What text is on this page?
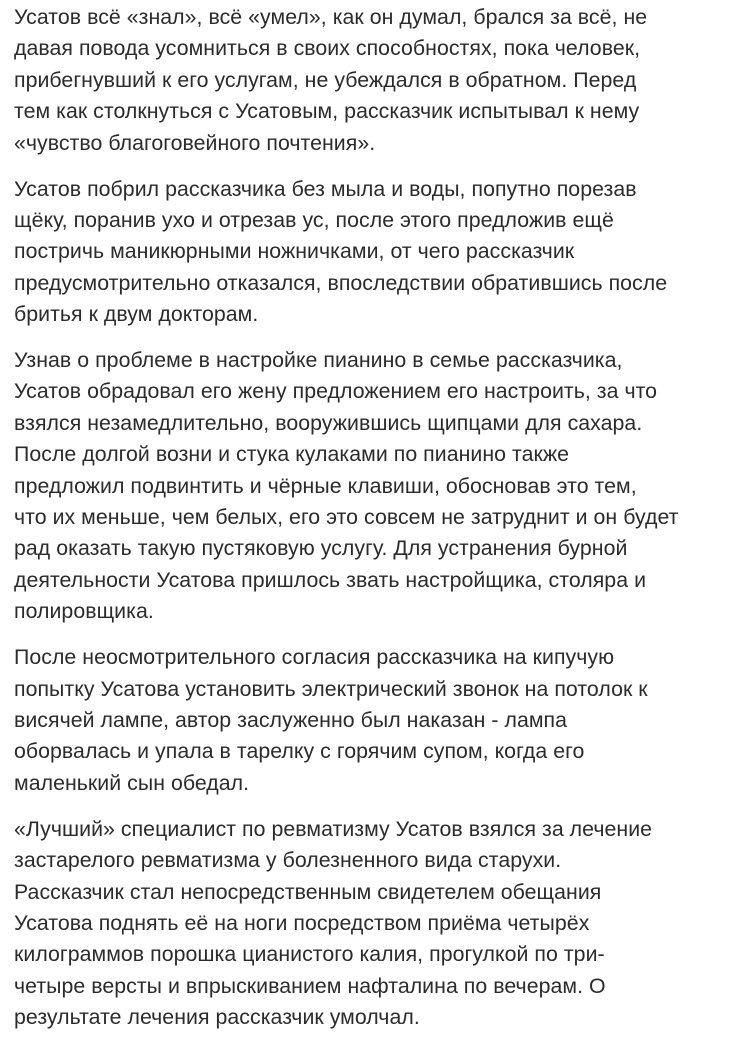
Усатов всё «знал», всё «умел», как он думал, брался за всё, не
давая повода усомниться в своих способностях, пока человек,
прибегнувший к его услугам, не убеждался в обратном. Перед
тем как столкнуться с Усатовым, рассказчик испытывал к нему
«чувство благоговейного почтения».

Усатов побрил рассказчика без мыла и воды, попутно порезав
щёку, поранив ухо и отрезав ус, после этого предложив ещё
постричь маникюрными ножничками, от чего рассказчик
предусмотрительно отказался, впоследствии обратившись после
бритья к двум докторам.

Узнав о проблеме в настройке пианино в семье рассказчика,
Усатов обрадовал его жену предложением его настроить, за что
взялся незамедлительно, вооружившись щипцами для сахара.
После долгой возни и стука кулаками по пианино также
предложил подвинтить и чёрные клавиши, обосновав это тем,
что их меньше, чем белых, его это совсем не затруднит и он будет
рад оказать такую пустяковую услугу. Для устранения бурной
деятельности Усатова пришлось звать настройщика, столяра и
полировщика.

После неосмотрительного согласия рассказчика на кипучую
попытку Усатова установить электрический звонок на потолок к
висячей лампе, автор заслуженно был наказан - лампа
оборвалась и упала в тарелку с горячим супом, когда его
маленький сын обедал.

«Лучший» специалист по ревматизму Усатов взялся за лечение
застарелого ревматизма у болезненного вида старухи.
Рассказчик стал непосредственным свидетелем обещания
Усатова поднять её на ноги посредством приёма четырёх
килограммов порошка цианистого калия, прогулкой по три-
четыре версты и впрыскиванием нафталина по вечерам. О
результате лечения рассказчик умолчал.
